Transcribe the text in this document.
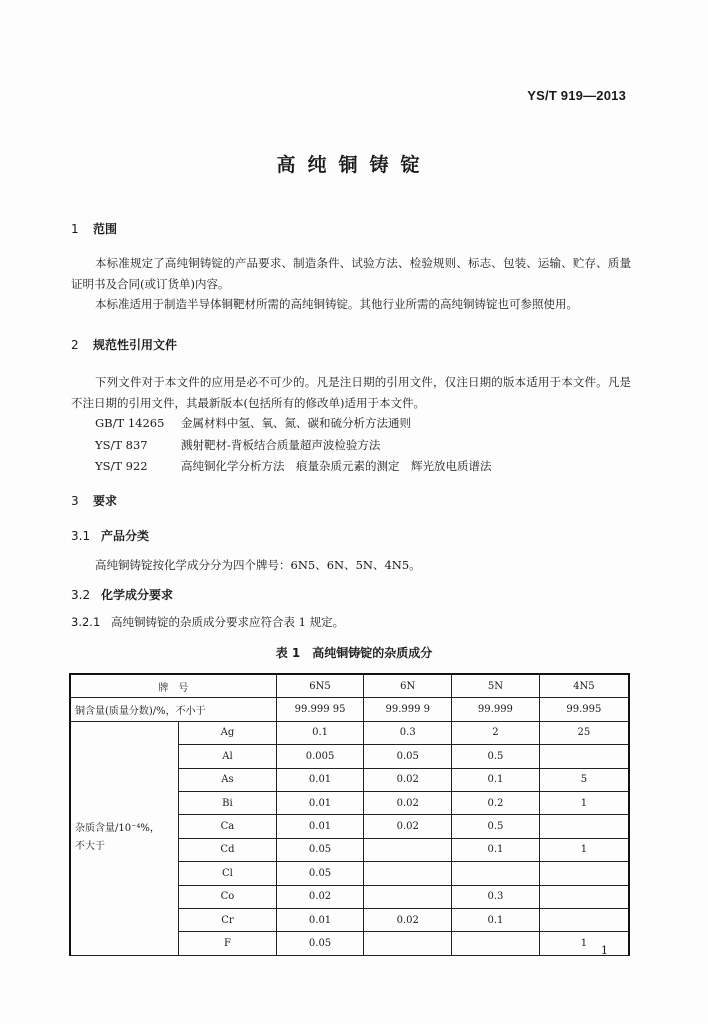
YS/T 919—2013
高纯铜铸锭
1 范围
本标准规定了高纯铜铸锭的产品要求、制造条件、试验方法、检验规则、标志、包装、运输、贮存、质量证明书及合同(或订货单)内容。
本标准适用于制造半导体铜靶材所需的高纯铜铸锭。其他行业所需的高纯铜铸锭也可参照使用。
2 规范性引用文件
下列文件对于本文件的应用是必不可少的。凡是注日期的引用文件，仅注日期的版本适用于本文件。凡是不注日期的引用文件，其最新版本(包括所有的修改单)适用于本文件。
GB/T 14265 金属材料中氢、氧、氮、碳和硫分析方法通则
YS/T 837	溅射靶材-背板结合质量超声波检验方法
YS/T 922	高纯铜化学分析方法　痕量杂质元素的测定　辉光放电质谱法
3 要求
3.1 产品分类
高纯铜铸锭按化学成分分为四个牌号：6N5、6N、5N、4N5。
3.2 化学成分要求
3.2.1 高纯铜铸锭的杂质成分要求应符合表 1 规定。
表 1　高纯铜铸锭的杂质成分
牌　号		6N5	6N	5N	4N5
铜含量(质量分数)/%，不小于		99.999 95	99.999 9	99.999	99.995

杂质含量/10⁻⁴%，
不大于	Ag	0.1	0.3	2	25
	Al	0.005	0.05	0.5	
	As	0.01	0.02	0.1	5
	Bi	0.01	0.02	0.2	1
	Ca	0.01	0.02	0.5	
	Cd	0.05		0.1	1
	Cl	0.05			
	Co	0.02		0.3	
	Cr	0.01	0.02	0.1	
	F	0.05			1
1
